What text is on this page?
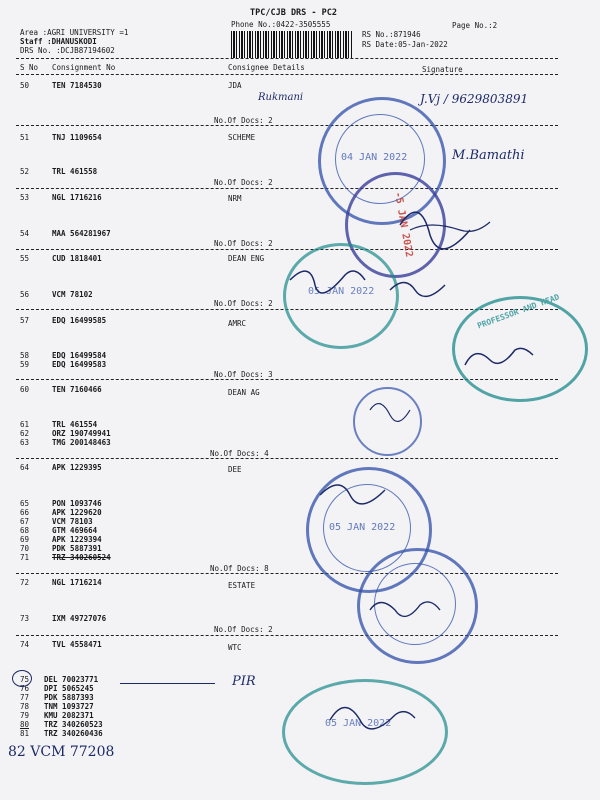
TPC/CJB DRS - PC2
Phone No.:0422-3505555	Page No.:2
Area :AGRI UNIVERSITY =1
Staff :DHANUSKODI
DRS No. :DCJB87194602
RS No.:871946
RS Date:05-Jan-2022
S No Consignment No	Consignee Details	Signature
50	TEN 7184530	JDA
No.Of Docs: 2
51	TNJ 1109654	SCHEME
52	TRL 461558
No.Of Docs: 2
53	NGL 1716216	NRM
54	MAA 564281967
No.Of Docs: 2
55	CUD 1818401	DEAN ENG
56	VCM 78102
No.Of Docs: 2
57	EDQ 16499585	AMRC
58	EDQ 16499584
59	EDQ 16499583
No.Of Docs: 3
60	TEN 7160466	DEAN AG
61	TRL 461554
62	ORZ 190749941
63	TMG 200148463
No.Of Docs: 4
64	APK 1229395	DEE
65	PON 1093746
66	APK 1229620
67	VCM 78103
68	GTM 469664
69	APK 1229394
70	PDK 5887391
71	TRZ 340260524
No.Of Docs: 8
72	NGL 1716214	ESTATE
73	IXM 49727076
No.Of Docs: 2
74	TVL 4558471	WTC
75	DEL 70023771
76	DPI 5065245
77	PDK 5887393
78	TNM 1093727
79	KMU 2082371
80	TRZ 340260523
81	TRZ 340260436
PIR
82 VCM 77208
Rukmani	J.Vj / 9629803891
M.Bamathi
04 JAN 2022
-5 JAN 2022
05 JAN 2022
PROFESSOR AND HEAD
05 JAN 2022
05 JAN 2022
